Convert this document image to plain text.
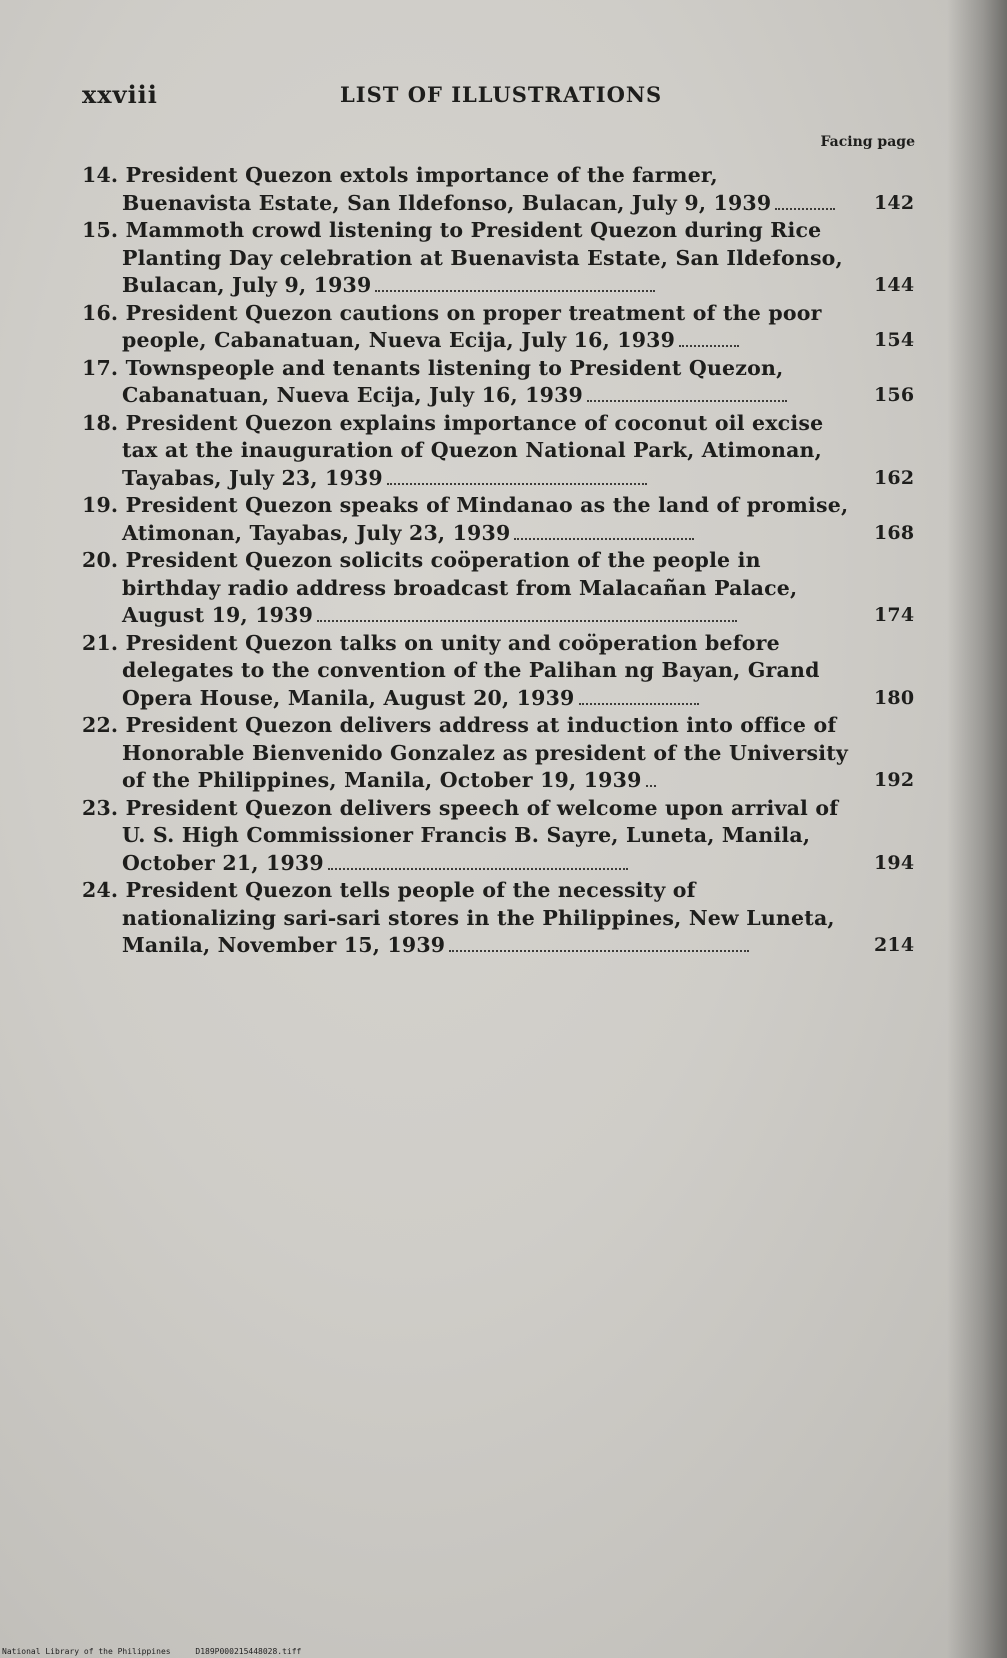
xxviii	LIST OF ILLUSTRATIONS
Facing page
14. President Quezon extols importance of the farmer, Buenavista Estate, San Ildefonso, Bulacan, July 9, 1939	142
15. Mammoth crowd listening to President Quezon during Rice Planting Day celebration at Buenavista Estate, San Ildefonso, Bulacan, July 9, 1939	144
16. President Quezon cautions on proper treatment of the poor people, Cabanatuan, Nueva Ecija, July 16, 1939	154
17. Townspeople and tenants listening to President Quezon, Cabanatuan, Nueva Ecija, July 16, 1939	156
18. President Quezon explains importance of coconut oil excise tax at the inauguration of Quezon National Park, Atimonan, Tayabas, July 23, 1939	162
19. President Quezon speaks of Mindanao as the land of promise, Atimonan, Tayabas, July 23, 1939	168
20. President Quezon solicits coöperation of the people in birthday radio address broadcast from Malacañan Palace, August 19, 1939	174
21. President Quezon talks on unity and coöperation before delegates to the convention of the Palihan ng Bayan, Grand Opera House, Manila, August 20, 1939	180
22. President Quezon delivers address at induction into office of Honorable Bienvenido Gonzalez as president of the University of the Philippines, Manila, October 19, 1939	192
23. President Quezon delivers speech of welcome upon arrival of U. S. High Commissioner Francis B. Sayre, Luneta, Manila, October 21, 1939	194
24. President Quezon tells people of the necessity of nationalizing sari-sari stores in the Philippines, New Luneta, Manila, November 15, 1939	214
National Library of the Philippines	D189P000215448028.tiff
